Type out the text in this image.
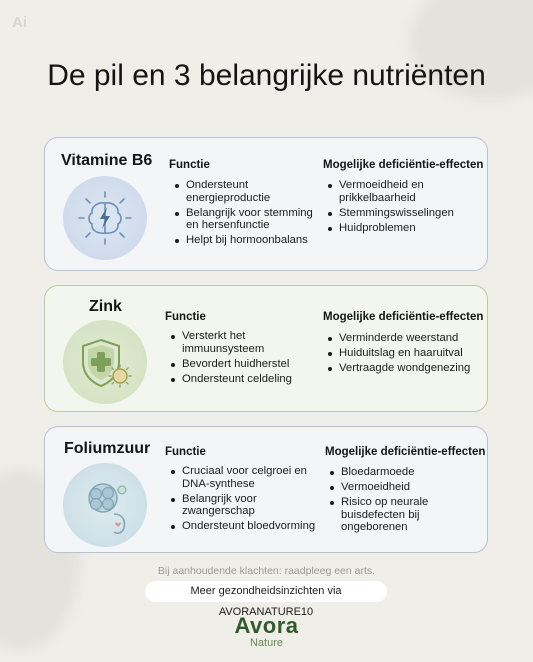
Ai
De pil en 3 belangrijke nutriënten
Vitamine B6 Functie
Ondersteunt energieproductie
Belangrijk voor stemming en hersenfunctie
Helpt bij hormoonbalans
Mogelijke deficiëntie-effecten
Vermoeidheid en prikkelbaarheid
Stemmingswisselingen
Huidproblemen
Zink
Functie
Versterkt het immuunsysteem
Bevordert huidherstel
Ondersteunt celdeling
Mogelijke deficiëntie-effecten
Verminderde weerstand
Huiduitslag en haaruitval
Vertraagde wondgenezing
Foliumzuur Functie
Cruciaal voor celgroei en DNA-synthese
Belangrijk voor zwangerschap
Ondersteunt bloedvorming
Mogelijke deficiëntie-effecten
Bloedarmoede
Vermoeidheid
Risico op neurale buisdefecten bij ongeborenen
Bij aanhoudende klachten: raadpleeg een arts.
Meer gezondheidsinzichten via AVORANATURE10
Avora
Nature
